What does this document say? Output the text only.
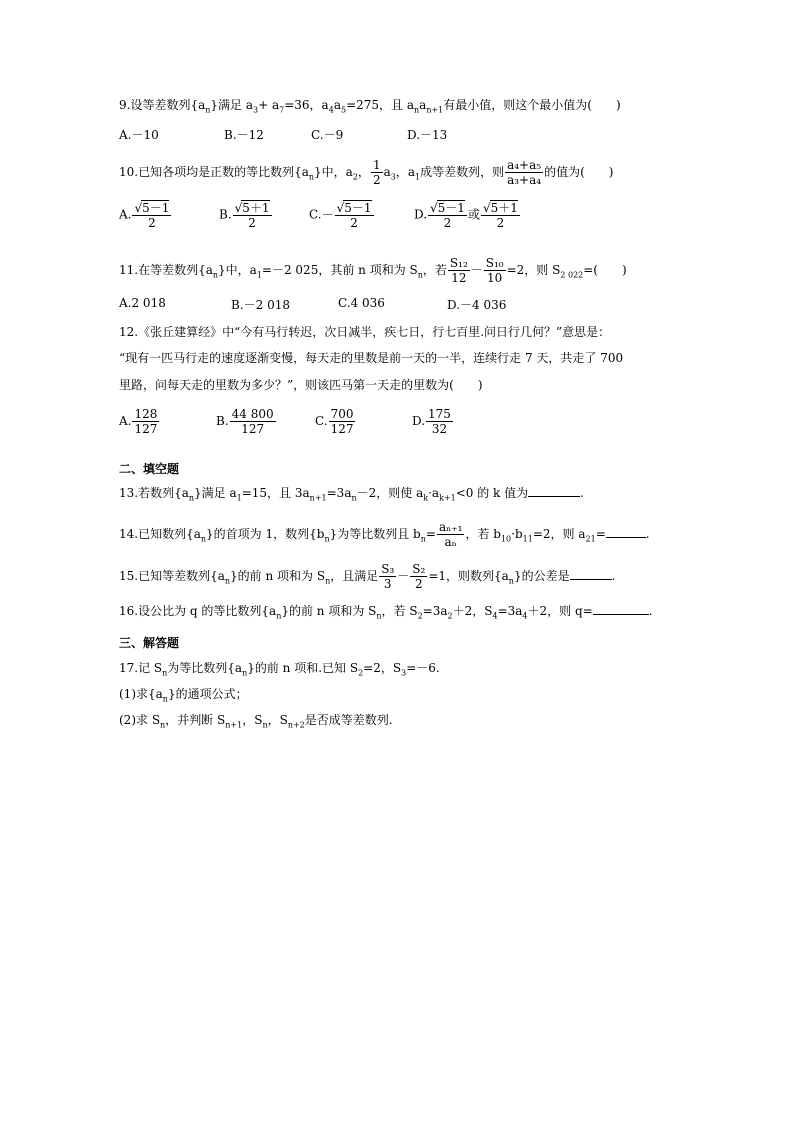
9.设等差数列$\{a_n\}$满足 $a_3+ a_7=36$，$a_4a_5=275$，且 $a_na_{n+1}$有最小值，则这个最小值为(　　)
A.－10	B.－12	C.－9	D.－13
10.已知各项均是正数的等比数列$\{a_n\}$中，$a_2$， $\frac{1}{2} a_3$，$a_1$成等差数列，则 $\frac{\text{a₄+a₅}}{\text{a₃+a₄}}$ 的值为(　　)
A. $\frac{√5-1}{2}$	B. $\frac{√5+1}{2}$	$C.- \frac{√5-1}{2}$	D. $\frac{√5-1}{2}$ 或 $\frac{√5+1}{2}$
11.在等差数列$\{a_n\}$中，$a_1=-2$ 025，其前 n 项和为 $S_n$，若 $\frac{\text{S₁₂}}{12} - \frac{\text{S₁₀}}{10} =2$，则 $S_{2 022}=$(　　)
A.2 018	B.－2 018	C.4 036	D.－4 036
12.《张丘建算经》中“今有马行转迟，次日减半，疾七日，行七百里.问日行几何？”意思是：
“现有一匹马行走的速度逐渐变慢，每天走的里数是前一天的一半，连续行走 7 天，共走了 700
里路，问每天走的里数为多少？”，则该匹马第一天走的里数为(　　)
A. $\frac{128}{127}$	B. $\frac{44 800}{127}$	C. $\frac{700}{127}$	D. $\frac{175}{32}$
二、填空题
13.若数列$\{a_n\}$满足 $a_1=15$，且 $3a_{n+1}=3a_n-2$，则使 $a_k\cdot a_{k+1}<0$ 的 k 值为	.
14.已知数列$\{a_n\}$的首项为 1，数列$\{b_n\}$为等比数列且 $b_n= \frac{\text{aₙ₊₁}}{\text{aₙ}}$ ，若 $b_{10}\cdot b_{11}=2$，则 $a_{21}=$	.
15.已知等差数列$\{a_n\}$的前 n 项和为 $S_n$，且满足 $\frac{\text{S₃}}{3} - \frac{\text{S₂}}{2} =1$，则数列$\{a_n\}$的公差是	.
16.设公比为 q 的等比数列$\{a_n\}$的前 n 项和为 $S_n$，若 $S_2=3a_2+2$，$S_4=3a_4+2$，则 q=	.
三、解答题
17.记 $S_n$为等比数列$\{a_n\}$的前 n 项和.已知 $S_2=2$，$S_3=-6$.
(1)求$\{a_n\}$的通项公式；
(2)求 $S_n$，并判断 $S_{n+1}$，$S_n$，$S_{n+2}$是否成等差数列.
